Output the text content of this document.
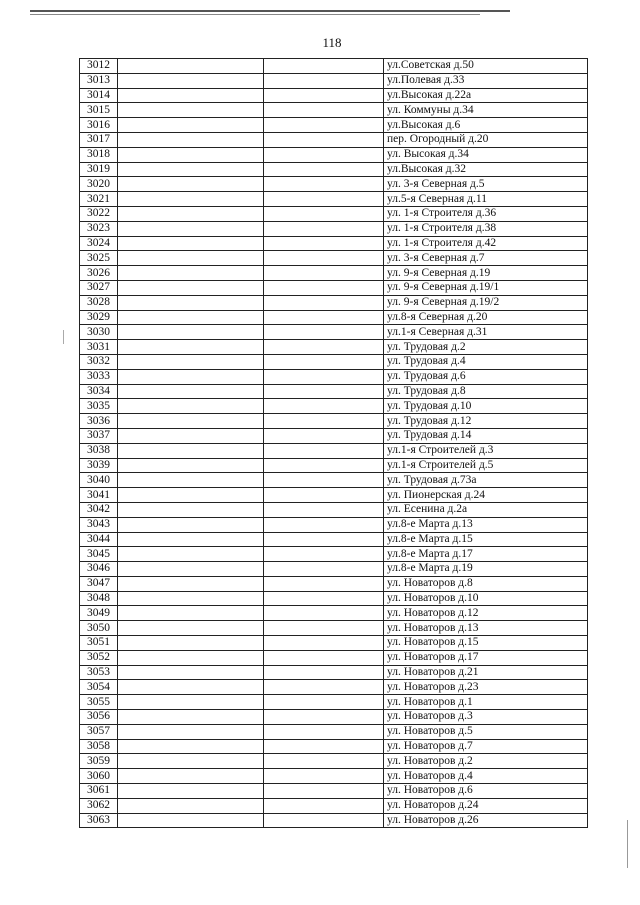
118
3012			ул.Советская д.50
3013			ул.Полевая д.33
3014			ул.Высокая д.22а
3015			ул. Коммуны д.34
3016			ул.Высокая д.6
3017			пер. Огородный д.20
3018			ул. Высокая д.34
3019			ул.Высокая д.32
3020			ул. 3-я Северная д.5
3021			ул.5-я Северная д.11
3022			ул. 1-я Строителя д.36
3023			ул. 1-я Строителя д.38
3024			ул. 1-я Строителя д.42
3025			ул. 3-я Северная д.7
3026			ул. 9-я Северная д.19
3027			ул. 9-я Северная д.19/1
3028			ул. 9-я Северная д.19/2
3029			ул.8-я Северная д.20
3030			ул.1-я Северная д.31
3031			ул. Трудовая д.2
3032			ул. Трудовая д.4
3033			ул. Трудовая д.6
3034			ул. Трудовая д.8
3035			ул. Трудовая д.10
3036			ул. Трудовая д.12
3037			ул. Трудовая д.14
3038			ул.1-я Строителей д.3
3039			ул.1-я Строителей д.5
3040			ул. Трудовая д.73а
3041			ул. Пионерская д.24
3042			ул. Есенина д.2а
3043			ул.8-е Марта д.13
3044			ул.8-е Марта д.15
3045			ул.8-е Марта д.17
3046			ул.8-е Марта д.19
3047			ул. Новаторов д.8
3048			ул. Новаторов д.10
3049			ул. Новаторов д.12
3050			ул. Новаторов д.13
3051			ул. Новаторов д.15
3052			ул. Новаторов д.17
3053			ул. Новаторов д.21
3054			ул. Новаторов д.23
3055			ул. Новаторов д.1
3056			ул. Новаторов д.3
3057			ул. Новаторов д.5
3058			ул. Новаторов д.7
3059			ул. Новаторов д.2
3060			ул. Новаторов д.4
3061			ул. Новаторов д.6
3062			ул. Новаторов д.24
3063			ул. Новаторов д.26
